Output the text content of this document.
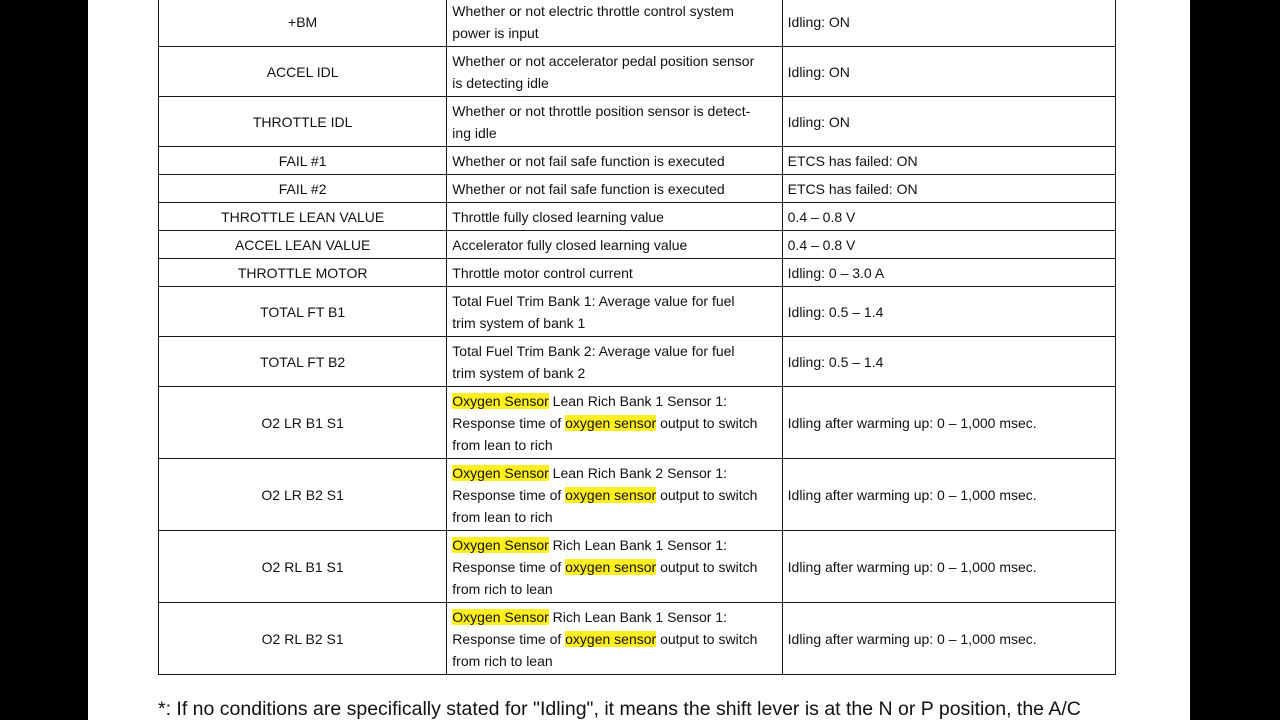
+BM	Whether or not electric throttle control system
power is input	Idling: ON
ACCEL IDL	Whether or not accelerator pedal position sensor
is detecting idle	Idling: ON
THROTTLE IDL	Whether or not throttle position sensor is detect-
ing idle	Idling: ON
FAIL #1	Whether or not fail safe function is executed	ETCS has failed: ON
FAIL #2	Whether or not fail safe function is executed	ETCS has failed: ON
THROTTLE LEAN VALUE	Throttle fully closed learning value	0.4 – 0.8 V
ACCEL LEAN VALUE	Accelerator fully closed learning value	0.4 – 0.8 V
THROTTLE MOTOR	Throttle motor control current	Idling: 0 – 3.0 A
TOTAL FT B1	Total Fuel Trim Bank 1: Average value for fuel
trim system of bank 1	Idling: 0.5 – 1.4
TOTAL FT B2	Total Fuel Trim Bank 2: Average value for fuel
trim system of bank 2	Idling: 0.5 – 1.4
O2 LR B1 S1	Oxygen Sensor Lean Rich Bank 1 Sensor 1:
Response time of oxygen sensor output to switch
from lean to rich	Idling after warming up: 0 – 1,000 msec.
O2 LR B2 S1	Oxygen Sensor Lean Rich Bank 2 Sensor 1:
Response time of oxygen sensor output to switch
from lean to rich	Idling after warming up: 0 – 1,000 msec.
O2 RL B1 S1	Oxygen Sensor Rich Lean Bank 1 Sensor 1:
Response time of oxygen sensor output to switch
from rich to lean	Idling after warming up: 0 – 1,000 msec.
O2 RL B2 S1	Oxygen Sensor Rich Lean Bank 1 Sensor 1:
Response time of oxygen sensor output to switch
from rich to lean	Idling after warming up: 0 – 1,000 msec.
*: If no conditions are specifically stated for "Idling", it means the shift lever is at the N or P position, the A/C
